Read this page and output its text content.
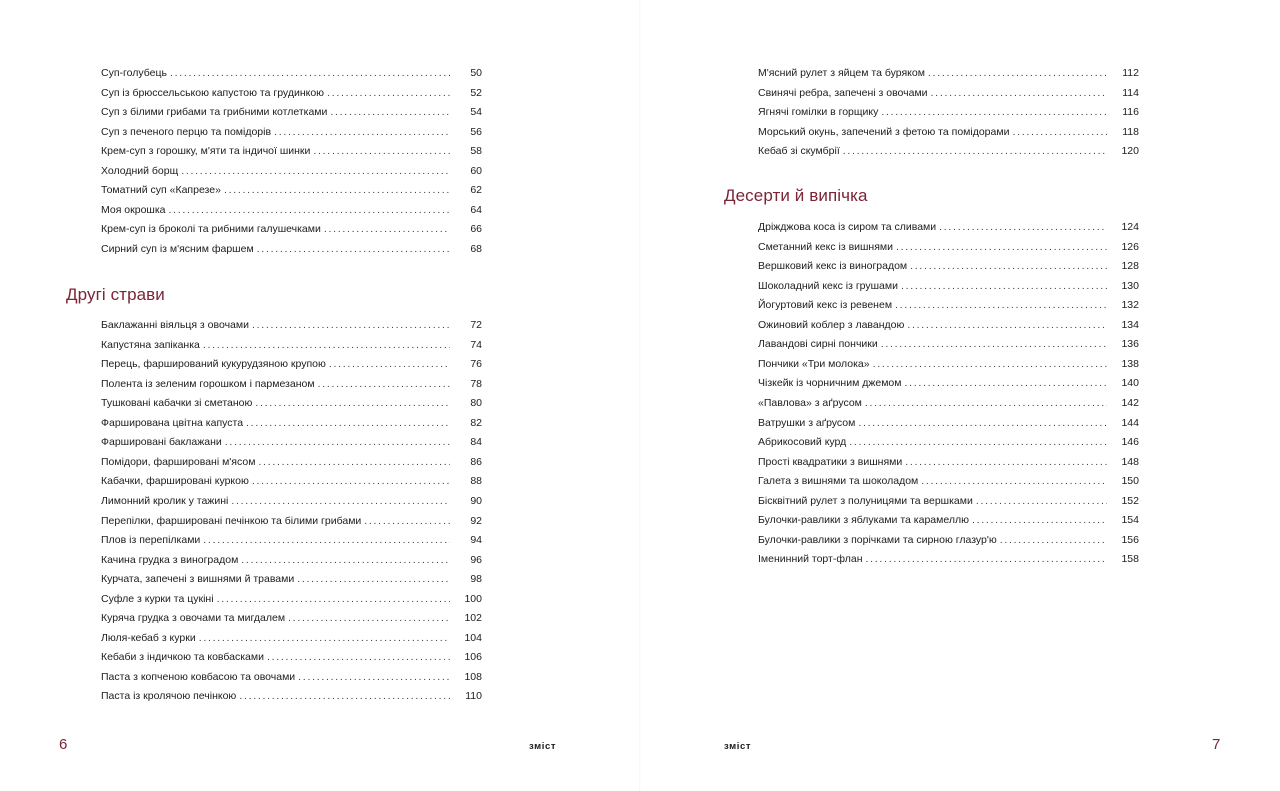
Другі страви
Суп-голубець . . .	50
Суп із брюссельською капустою та грудинкою . . .	52
Суп з білими грибами та грибними котлетками . . .	54
Суп з печеного перцю та помідорів . . .	56
Крем-суп з горошку, м'яти та індичої шинки . . .	58
Холодний борщ . . .	60
Томатний суп «Капрезе» . . .	62
Моя окрошка . . .	64
Крем-суп із броколі та рибними галушечками . . .	66
Сирний суп із м'ясним фаршем . . .	68
Баклажанні віяльця з овочами . . .	72
Капустяна запіканка . . .	74
Перець, фарширований кукурудзяною крупою . . .	76
Полента із зеленим горошком і пармезаном . . .	78
Тушковані кабачки зі сметаною . . .	80
Фарширована цвітна капуста . . .	82
Фаршировані баклажани . . .	84
Помідори, фаршировані м'ясом . . .	86
Кабачки, фаршировані куркою . . .	88
Лимонний кролик у тажині . . .	90
Перепілки, фаршировані печінкою та білими грибами . . .	92
Плов із перепілками . . .	94
Качина грудка з виноградом . . .	96
Курчата, запечені з вишнями й травами . . .	98
Суфле з курки та цукіні . . .	100
Куряча грудка з овочами та мигдалем . . .	102
Люля-кебаб з курки . . .	104
Кебаби з індичкою та ковбасками . . .	106
Паста з копченою ковбасою та овочами . . .	108
Паста із кролячою печінкою . . .	110
6	зміст
Десерти й випічка
М'ясний рулет з яйцем та буряком . . .	112
Свинячі ребра, запечені з овочами . . .	114
Ягнячі гомілки в горщику . . .	116
Морський окунь, запечений з фетою та помідорами . . .	118
Кебаб зі скумбрії . . .	120
Дріжджова коса із сиром та сливами . . .	124
Сметанний кекс із вишнями . . .	126
Вершковий кекс із виноградом . . .	128
Шоколадний кекс із грушами . . .	130
Йогуртовий кекс із ревенем . . .	132
Ожиновий коблер з лавандою . . .	134
Лавандові сирні пончики . . .	136
Пончики «Три молока» . . .	138
Чізкейк із чорничним джемом . . .	140
«Павлова» з аґрусом . . .	142
Ватрушки з аґрусом . . .	144
Абрикосовий курд . . .	146
Прості квадратики з вишнями . . .	148
Галета з вишнями та шоколадом . . .	150
Бісквітний рулет з полуницями та вершками . . .	152
Булочки-равлики з яблуками та карамеллю . . .	154
Булочки-равлики з порічками та сирною глазур'ю . . .	156
Іменинний торт-флан . . .	158
7
зміст
